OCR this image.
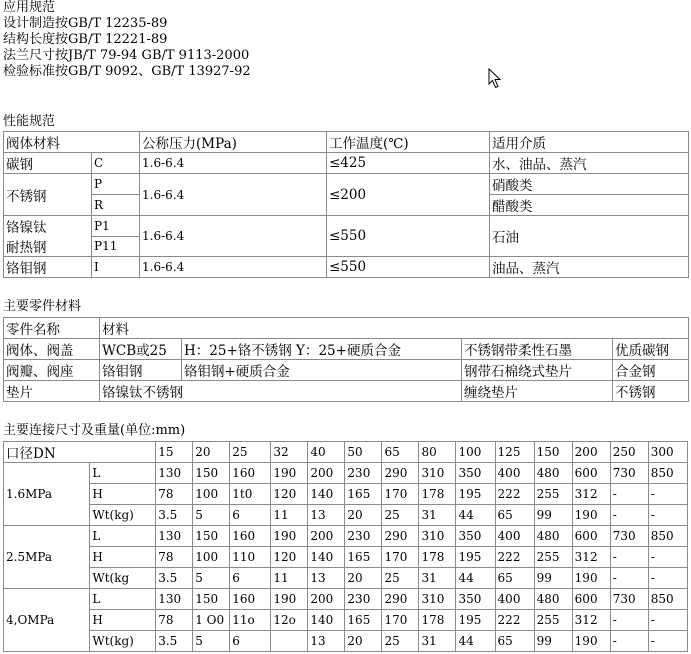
应用规范

设计制造按GB/T 12235-89

结构长度按GB/T 12221-89

法兰尺寸按JB/T 79-94 GB/T 9113-2000

检验标准按GB/T 9092、GB/T 13927-92

性能规范

阀体材料		公称压力(MPa)	工作温度(℃)	适用介质
碳钢	C	1.6-6.4	≤425	水、油品、蒸汽
不锈钢	P	1.6-6.4	≤200	硝酸类
	R			醋酸类
铬镍钛	P1	1.6-6.4	≤550	石油
耐热钢	P11			
铬钼钢	I	1.6-6.4	≤550	油品、蒸汽

主要零件材料

零件名称	材料			
阀体、阀盖	WCB或25	H：25+铬不锈钢 Y：25+硬质合金	不锈钢带柔性石墨	优质碳钢
阀瓣、阀座	铬钼钢	铬钼钢+硬质合金	钢带石棉绕式垫片	合金钢
垫片	铬镍钛不锈钢		缠绕垫片	不锈钢

主要连接尺寸及重量(单位:mm)

口径DN		15	20	25	32	40	50	65	80	100	125	150	200	250	300
1.6MPa	L	130	150	160	190	200	230	290	310	350	400	480	600	730	850
	H	78	100	1t0	120	140	165	170	178	195	222	255	312	-	-
	Wt(kg)	3.5	5	6	11	13	20	25	31	44	65	99	190	-	-
2.5MPa	L	130	150	160	190	200	230	290	310	350	400	480	600	730	850
	H	78	100	110	120	140	165	170	178	195	222	255	312	-	-
	Wt(kg	3.5	5	6	11	13	20	25	31	44	65	99	190	-	-
4,OMPa	L	130	150	160	190	200	230	290	310	350	400	480	600	730	850
	H	78	1 O0	11o	12o	140	165	170	178	195	222	255	312	-	-
	Wt(kg)	3.5	5	6		13	20	25	31	44	65	99	190	-	-
